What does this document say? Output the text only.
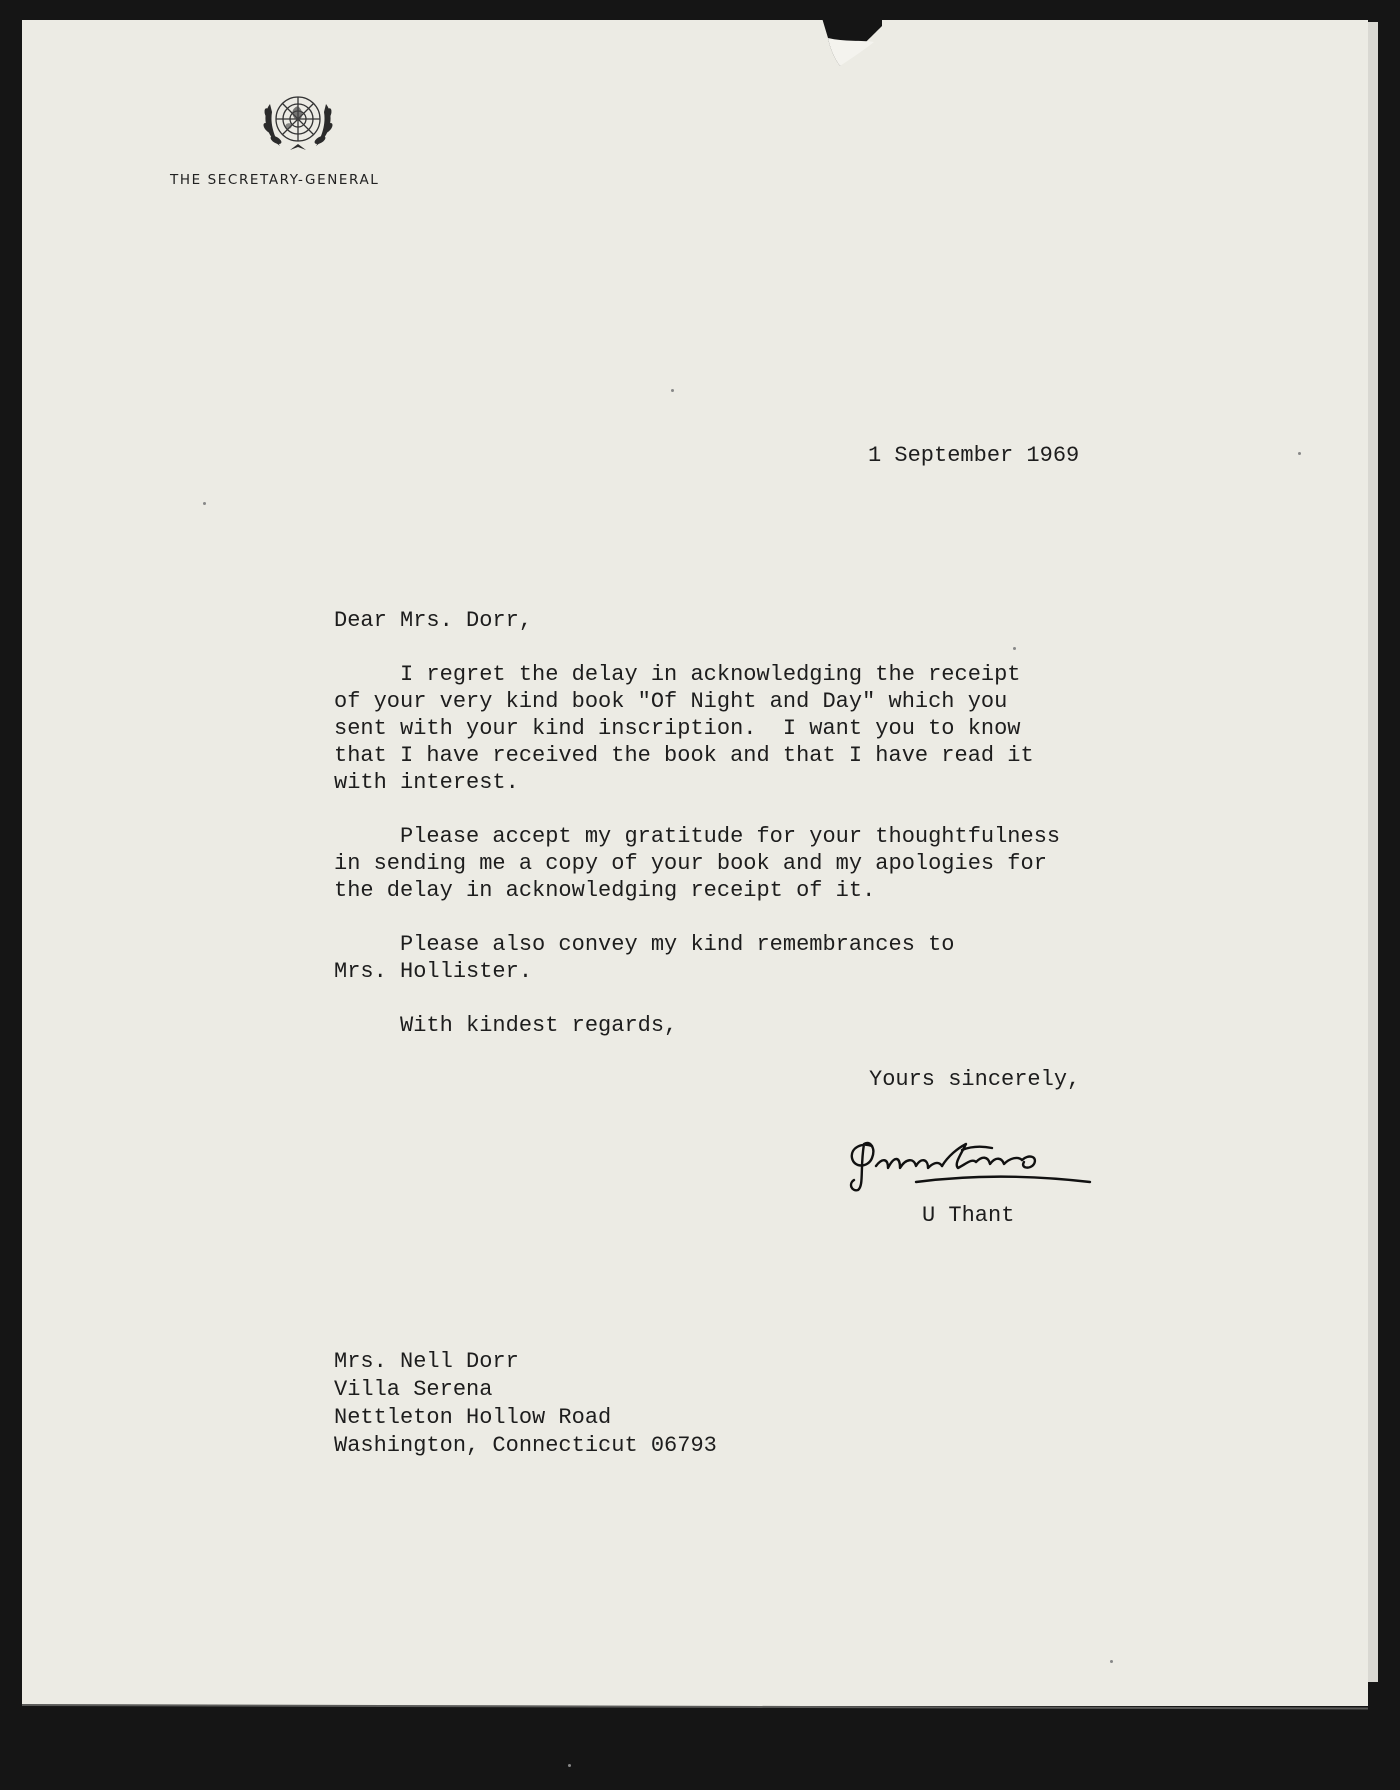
THE SECRETARY-GENERAL
1 September 1969
Dear Mrs. Dorr,
I regret the delay in acknowledging the receipt
of your very kind book "Of Night and Day" which you
sent with your kind inscription.  I want you to know
that I have received the book and that I have read it
with interest.
Please accept my gratitude for your thoughtfulness
in sending me a copy of your book and my apologies for
the delay in acknowledging receipt of it.
Please also convey my kind remembrances to
Mrs. Hollister.
With kindest regards,
Yours sincerely,
U Thant
Mrs. Nell Dorr
Villa Serena
Nettleton Hollow Road
Washington, Connecticut 06793
